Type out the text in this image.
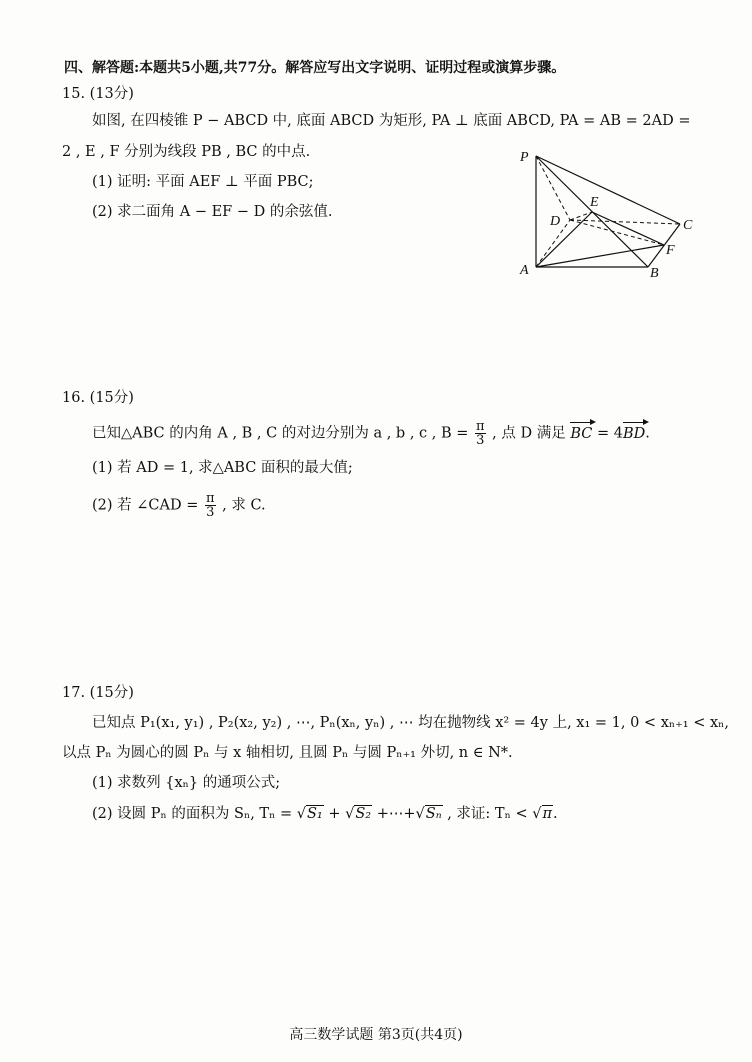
四、解答题:本题共5小题,共77分。解答应写出文字说明、证明过程或演算步骤。
15. (13分)
如图, 在四棱锥 P − ABCD 中, 底面 ABCD 为矩形, PA ⊥ 底面 ABCD, PA = AB = 2AD =
2 , E , F 分别为线段 PB , BC 的中点.
(1) 证明: 平面 AEF ⊥ 平面 PBC;
(2) 求二面角 A − EF − D 的余弦值.
P
E
D	C
F
A	B
16. (15分)
已知△ABC 的内角 A , B , C 的对边分别为 a , b , c , $B = \frac{\pi}{3}$ , 点 D 满足 BC = 4BD.
(1) 若 AD = 1, 求△ABC 面积的最大值;
(2) 若 ∠CAD = $\frac{\pi}{3}$ , 求 C.
17. (15分)
已知点 P₁(x₁, y₁) , P₂(x₂, y₂) , ⋯, Pₙ(xₙ, yₙ) , ⋯ 均在抛物线 x² = 4y 上, x₁ = 1, 0 < xₙ₊₁ < xₙ,
以点 Pₙ 为圆心的圆 Pₙ 与 x 轴相切, 且圆 Pₙ 与圆 Pₙ₊₁ 外切, n ∈ N*.
(1) 求数列 {xₙ} 的通项公式;
(2) 设圆 Pₙ 的面积为 Sₙ, Tₙ = √S₁ + √S₂ +⋯+√Sₙ , 求证: Tₙ < √π.
高三数学试题 第3页(共4页)
